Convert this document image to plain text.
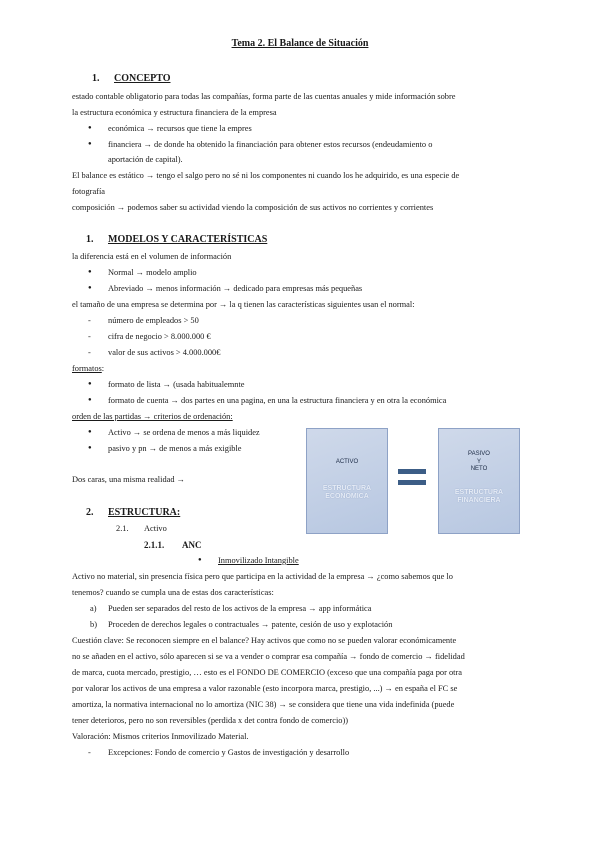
Tema 2. El Balance de Situación
1. CONCEPTO
estado contable obligatorio para todas las compañías, forma parte de las cuentas anuales y mide información sobre
la estructura económica y estructura financiera de la empresa
● económica → recursos que tiene la empres
● financiera → de donde ha obtenido la financiación para obtener estos recursos (endeudamiento o
aportación de capital).
El balance es estático → tengo el salgo pero no sé ni los componentes ni cuando los he adquirido, es una especie de
fotografía
composición → podemos saber su actividad viendo la composición de sus activos no corrientes y corrientes
1. MODELOS Y CARACTERÍSTICAS
la diferencia está en el volumen de información
● Normal → modelo amplio
● Abreviado → menos información → dedicado para empresas más pequeñas
el tamaño de una empresa se determina por → la q tienen las características siguientes usan el normal:
- número de empleados > 50
- cifra de negocio > 8.000.000 €
- valor de sus activos > 4.000.000€
formatos:
● formato de lista → (usada habitualemnte
● formato de cuenta → dos partes en una pagina, en una la estructura financiera y en otra la económica
orden de las partidas → criterios de ordenación:
● Activo → se ordena de menos a más liquidez
● pasivo y pn → de menos a más exigible
Dos caras, una misma realidad →
ACTIVO
ESTRUCTURA
ECONÓMICA
PASIVO
Y
NETO
ESTRUCTURA
FINANCIERA
2. ESTRUCTURA:
2.1. Activo
2.1.1. ANC
● Inmovilizado Intangible
Activo no material, sin presencia física pero que participa en la actividad de la empresa → ¿como sabemos que lo
tenemos? cuando se cumpla una de estas dos características:
a) Pueden ser separados del resto de los activos de la empresa → app informática
b) Proceden de derechos legales o contractuales → patente, cesión de uso y explotación
Cuestión clave: Se reconocen siempre en el balance? Hay activos que como no se pueden valorar económicamente
no se añaden en el activo, sólo aparecen si se va a vender o comprar esa compañía → fondo de comercio → fidelidad
de marca, cuota mercado, prestigio, … esto es el FONDO DE COMERCIO (exceso que una compañía paga por otra
por valorar los activos de una empresa a valor razonable (esto incorpora marca, prestigio, ...) → en españa el FC se
amortiza, la normativa internacional no lo amortiza (NIC 38) → se considera que tiene una vida indefinida (puede
tener deterioros, pero no son reversibles (perdida x det contra fondo de comercio))
Valoración: Mismos criterios Inmovilizado Material.
- Excepciones: Fondo de comercio y Gastos de investigación y desarrollo
